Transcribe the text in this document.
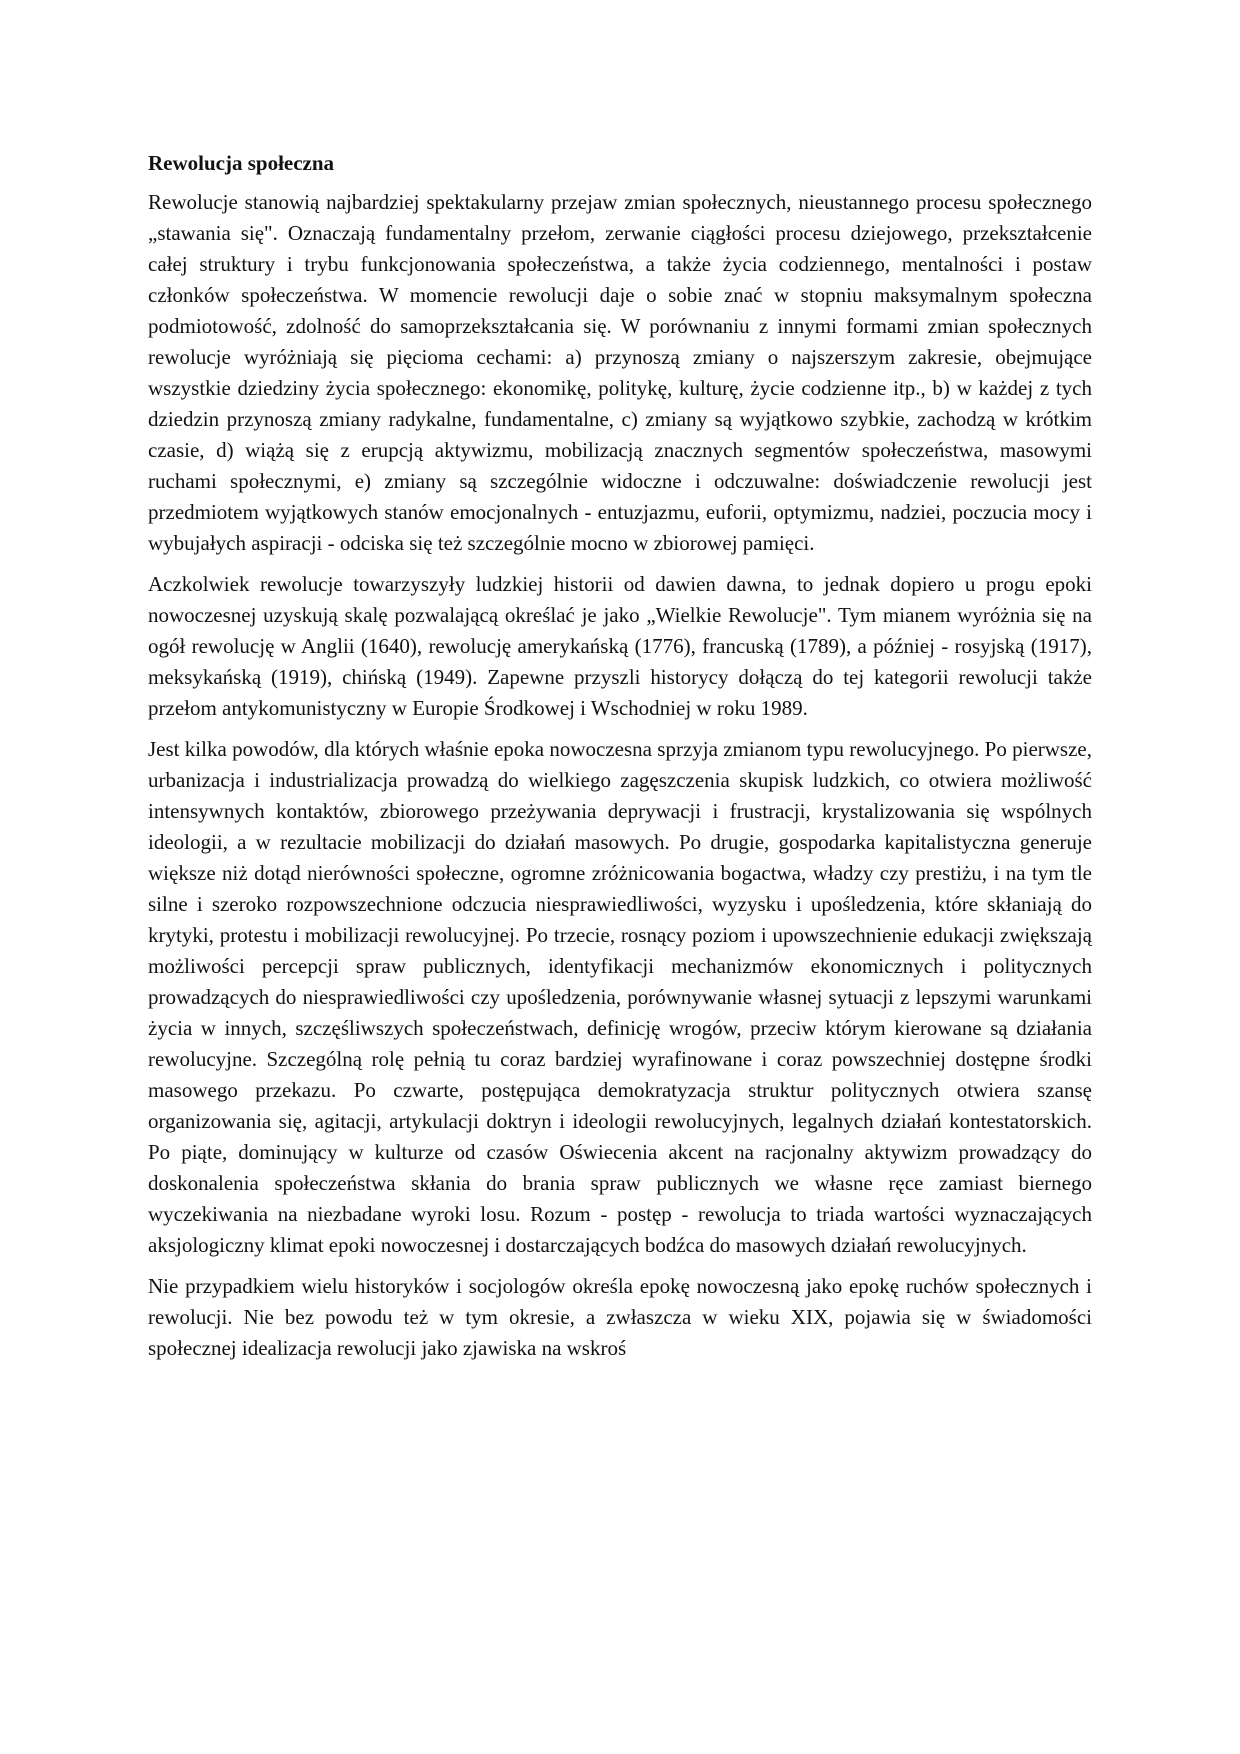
Rewolucja społeczna

Rewolucje stanowią najbardziej spektakularny przejaw zmian społecznych, nieustannego procesu społecznego „stawania się". Oznaczają fundamentalny przełom, zerwanie ciągłości procesu dziejowego, przekształcenie całej struktury i trybu funkcjonowania społeczeństwa, a także życia codziennego, mentalności i postaw członków społeczeństwa. W momencie rewolucji daje o sobie znać w stopniu maksymalnym społeczna podmiotowość, zdolność do samoprzekształcania się. W porównaniu z innymi formami zmian społecznych rewolucje wyróżniają się pięcioma cechami: a) przynoszą zmiany o najszerszym zakresie, obejmujące wszystkie dziedziny życia społecznego: ekonomikę, politykę, kulturę, życie codzienne itp., b) w każdej z tych dziedzin przynoszą zmiany radykalne, fundamentalne, c) zmiany są wyjątkowo szybkie, zachodzą w krótkim czasie, d) wiążą się z erupcją aktywizmu, mobilizacją znacznych segmentów społeczeństwa, masowymi ruchami społecznymi, e) zmiany są szczególnie widoczne i odczuwalne: doświadczenie rewolucji jest przedmiotem wyjątkowych stanów emocjonalnych - entuzjazmu, euforii, optymizmu, nadziei, poczucia mocy i wybujałych aspiracji - odciska się też szczególnie mocno w zbiorowej pamięci.

Aczkolwiek rewolucje towarzyszyły ludzkiej historii od dawien dawna, to jednak dopiero u progu epoki nowoczesnej uzyskują skalę pozwalającą określać je jako „Wielkie Rewolucje". Tym mianem wyróżnia się na ogół rewolucję w Anglii (1640), rewolucję amerykańską (1776), francuską (1789), a później - rosyjską (1917), meksykańską (1919), chińską (1949). Zapewne przyszli historycy dołączą do tej kategorii rewolucji także przełom antykomunistyczny w Europie Środkowej i Wschodniej w roku 1989.

Jest kilka powodów, dla których właśnie epoka nowoczesna sprzyja zmianom typu rewolucyjnego. Po pierwsze, urbanizacja i industrializacja prowadzą do wielkiego zagęszczenia skupisk ludzkich, co otwiera możliwość intensywnych kontaktów, zbiorowego przeżywania deprywacji i frustracji, krystalizowania się wspólnych ideologii, a w rezultacie mobilizacji do działań masowych. Po drugie, gospodarka kapitalistyczna generuje większe niż dotąd nierówności społeczne, ogromne zróżnicowania bogactwa, władzy czy prestiżu, i na tym tle silne i szeroko rozpowszechnione odczucia niesprawiedliwości, wyzysku i upośledzenia, które skłaniają do krytyki, protestu i mobilizacji rewolucyjnej. Po trzecie, rosnący poziom i upowszechnienie edukacji zwiększają możliwości percepcji spraw publicznych, identyfikacji mechanizmów ekonomicznych i politycznych prowadzących do niesprawiedliwości czy upośledzenia, porównywanie własnej sytuacji z lepszymi warunkami życia w innych, szczęśliwszych społeczeństwach, definicję wrogów, przeciw którym kierowane są działania rewolucyjne. Szczególną rolę pełnią tu coraz bardziej wyrafinowane i coraz powszechniej dostępne środki masowego przekazu. Po czwarte, postępująca demokratyzacja struktur politycznych otwiera szansę organizowania się, agitacji, artykulacji doktryn i ideologii rewolucyjnych, legalnych działań kontestatorskich. Po piąte, dominujący w kulturze od czasów Oświecenia akcent na racjonalny aktywizm prowadzący do doskonalenia społeczeństwa skłania do brania spraw publicznych we własne ręce zamiast biernego wyczekiwania na niezbadane wyroki losu. Rozum - postęp - rewolucja to triada wartości wyznaczających aksjologiczny klimat epoki nowoczesnej i dostarczających bodźca do masowych działań rewolucyjnych.

Nie przypadkiem wielu historyków i socjologów określa epokę nowoczesną jako epokę ruchów społecznych i rewolucji. Nie bez powodu też w tym okresie, a zwłaszcza w wieku XIX, pojawia się w świadomości społecznej idealizacja rewolucji jako zjawiska na wskroś
